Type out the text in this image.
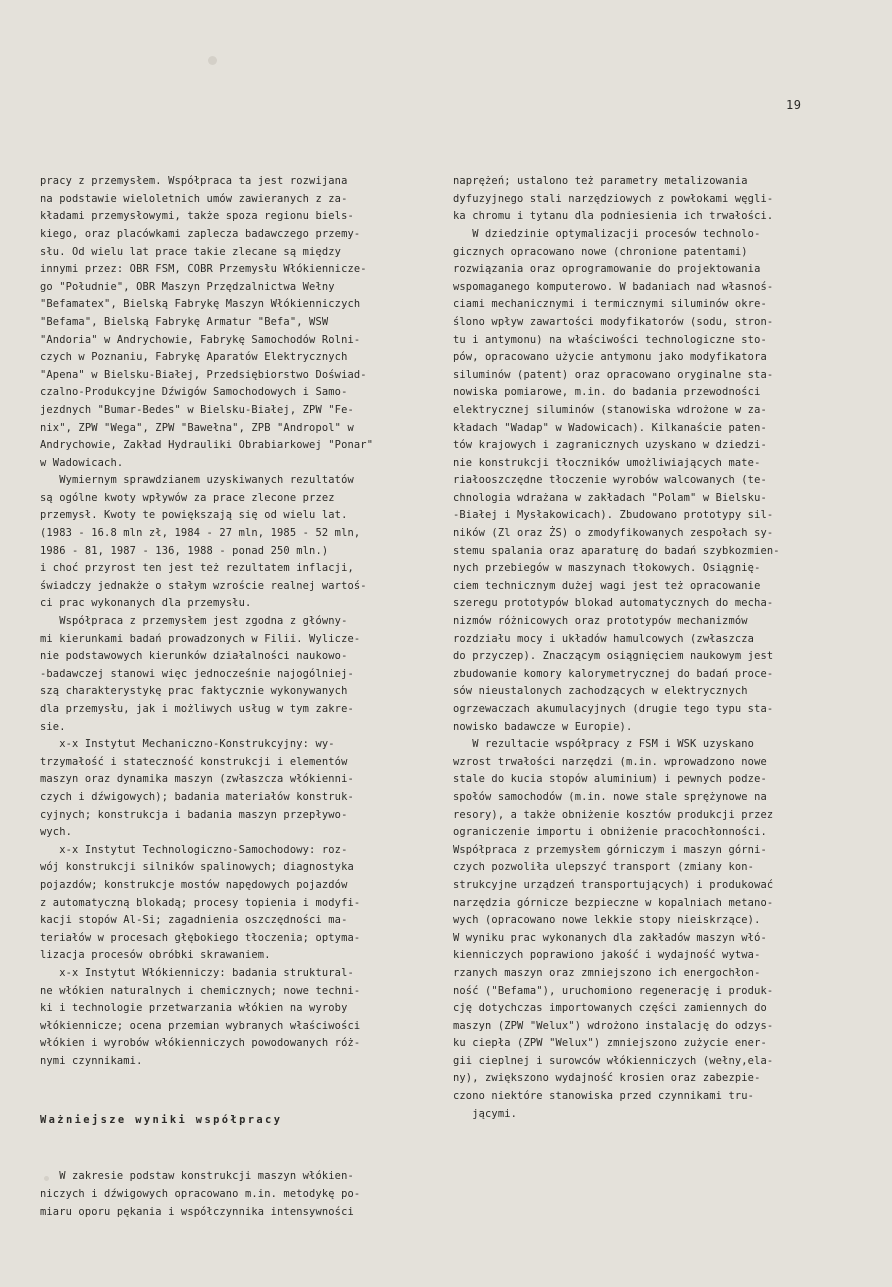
19

pracy z przemysłem. Współpraca ta jest rozwijana
na podstawie wieloletnich umów zawieranych z za-
kładami przemysłowymi, także spoza regionu biels-
kiego, oraz placówkami zaplecza badawczego przemy-
słu. Od wielu lat prace takie zlecane są między
innymi przez: OBR FSM, COBR Przemysłu Włókiennicze-
go "Południe", OBR Maszyn Przędzalnictwa Wełny
"Befamatex", Bielską Fabrykę Maszyn Włókienniczych
"Befama", Bielską Fabrykę Armatur "Befa", WSW
"Andoria" w Andrychowie, Fabrykę Samochodów Rolni-
czych w Poznaniu, Fabrykę Aparatów Elektrycznych
"Apena" w Bielsku-Białej, Przedsiębiorstwo Doświad-
czalno-Produkcyjne Dźwigów Samochodowych i Samo-
jezdnych "Bumar-Bedes" w Bielsku-Białej, ZPW "Fe-
nix", ZPW "Wega", ZPW "Bawełna", ZPB "Andropol" w
Andrychowie, Zakład Hydrauliki Obrabiarkowej "Ponar"
w Wadowicach.
Wymiernym sprawdzianem uzyskiwanych rezultatów
są ogólne kwoty wpływów za prace zlecone przez
przemysł. Kwoty te powiększają się od wielu lat.
(1983 - 16.8 mln zł, 1984 - 27 mln, 1985 - 52 mln,
1986 - 81, 1987 - 136, 1988 - ponad 250 mln.)
i choć przyrost ten jest też rezultatem inflacji,
świadczy jednakże o stałym wzroście realnej wartoś-
ci prac wykonanych dla przemysłu.
Współpraca z przemysłem jest zgodna z główny-
mi kierunkami badań prowadzonych w Filii. Wylicze-
nie podstawowych kierunków działalności naukowo-
-badawczej stanowi więc jednocześnie najogólniej-
szą charakterystykę prac faktycznie wykonywanych
dla przemysłu, jak i możliwych usług w tym zakre-
sie.
x-x Instytut Mechaniczno-Konstrukcyjny: wy-
trzymałość i stateczność konstrukcji i elementów
maszyn oraz dynamika maszyn (zwłaszcza włókienni-
czych i dźwigowych); badania materiałów konstruk-
cyjnych; konstrukcja i badania maszyn przepływo-
wych.
x-x Instytut Technologiczno-Samochodowy: roz-
wój konstrukcji silników spalinowych; diagnostyka
pojazdów; konstrukcje mostów napędowych pojazdów
z automatyczną blokadą; procesy topienia i modyfi-
kacji stopów Al-Si; zagadnienia oszczędności ma-
teriałów w procesach głębokiego tłoczenia; optyma-
lizacja procesów obróbki skrawaniem.
x-x Instytut Włókienniczy: badania struktural-
ne włókien naturalnych i chemicznych; nowe techni-
ki i technologie przetwarzania włókien na wyroby
włókiennicze; ocena przemian wybranych właściwości
włókien i wyrobów włókienniczych powodowanych róż-
nymi czynnikami.

Ważniejsze wyniki współpracy

W zakresie podstaw konstrukcji maszyn włókien-
niczych i dźwigowych opracowano m.in. metodykę po-
miaru oporu pękania i współczynnika intensywności

naprężeń; ustalono też parametry metalizowania
dyfuzyjnego stali narzędziowych z powłokami węgli-
ka chromu i tytanu dla podniesienia ich trwałości.
W dziedzinie optymalizacji procesów technolo-
gicznych opracowano nowe (chronione patentami)
rozwiązania oraz oprogramowanie do projektowania
wspomaganego komputerowo. W badaniach nad własnoś-
ciami mechanicznymi i termicznymi siluminów okre-
ślono wpływ zawartości modyfikatorów (sodu, stron-
tu i antymonu) na właściwości technologiczne sto-
pów, opracowano użycie antymonu jako modyfikatora
siluminów (patent) oraz opracowano oryginalne sta-
nowiska pomiarowe, m.in. do badania przewodności
elektrycznej siluminów (stanowiska wdrożone w za-
kładach "Wadap" w Wadowicach). Kilkanaście paten-
tów krajowych i zagranicznych uzyskano w dziedzi-
nie konstrukcji tłoczników umożliwiających mate-
riałooszczędne tłoczenie wyrobów walcowanych (te-
chnologia wdrażana w zakładach "Polam" w Bielsku-
-Białej i Mysłakowicach). Zbudowano prototypy sil-
ników (Zl oraz ŻS) o zmodyfikowanych zespołach sy-
stemu spalania oraz aparaturę do badań szybkozmien-
nych przebiegów w maszynach tłokowych. Osiągnię-
ciem technicznym dużej wagi jest też opracowanie
szeregu prototypów blokad automatycznych do mecha-
nizmów różnicowych oraz prototypów mechanizmów
rozdziału mocy i układów hamulcowych (zwłaszcza
do przyczep). Znaczącym osiągnięciem naukowym jest
zbudowanie komory kalorymetrycznej do badań proce-
sów nieustalonych zachodzących w elektrycznych
ogrzewaczach akumulacyjnych (drugie tego typu sta-
nowisko badawcze w Europie).
W rezultacie współpracy z FSM i WSK uzyskano
wzrost trwałości narzędzi (m.in. wprowadzono nowe
stale do kucia stopów aluminium) i pewnych podze-
społów samochodów (m.in. nowe stale sprężynowe na
resory), a także obniżenie kosztów produkcji przez
ograniczenie importu i obniżenie pracochłonności.
Współpraca z przemysłem górniczym i maszyn górni-
czych pozwoliła ulepszyć transport (zmiany kon-
strukcyjne urządzeń transportujących) i produkować
narzędzia górnicze bezpieczne w kopalniach metano-
wych (opracowano nowe lekkie stopy nieiskrzące).
W wyniku prac wykonanych dla zakładów maszyn włó-
kienniczych poprawiono jakość i wydajność wytwa-
rzanych maszyn oraz zmniejszono ich energochłon-
ność ("Befama"), uruchomiono regenerację i produk-
cję dotychczas importowanych części zamiennych do
maszyn (ZPW "Welux") wdrożono instalację do odzys-
ku ciepła (ZPW "Welux") zmniejszono zużycie ener-
gii cieplnej i surowców włókienniczych (wełny,ela-
ny), zwiększono wydajność krosien oraz zabezpie-
czono niektóre stanowiska przed czynnikami tru-
jącymi.
